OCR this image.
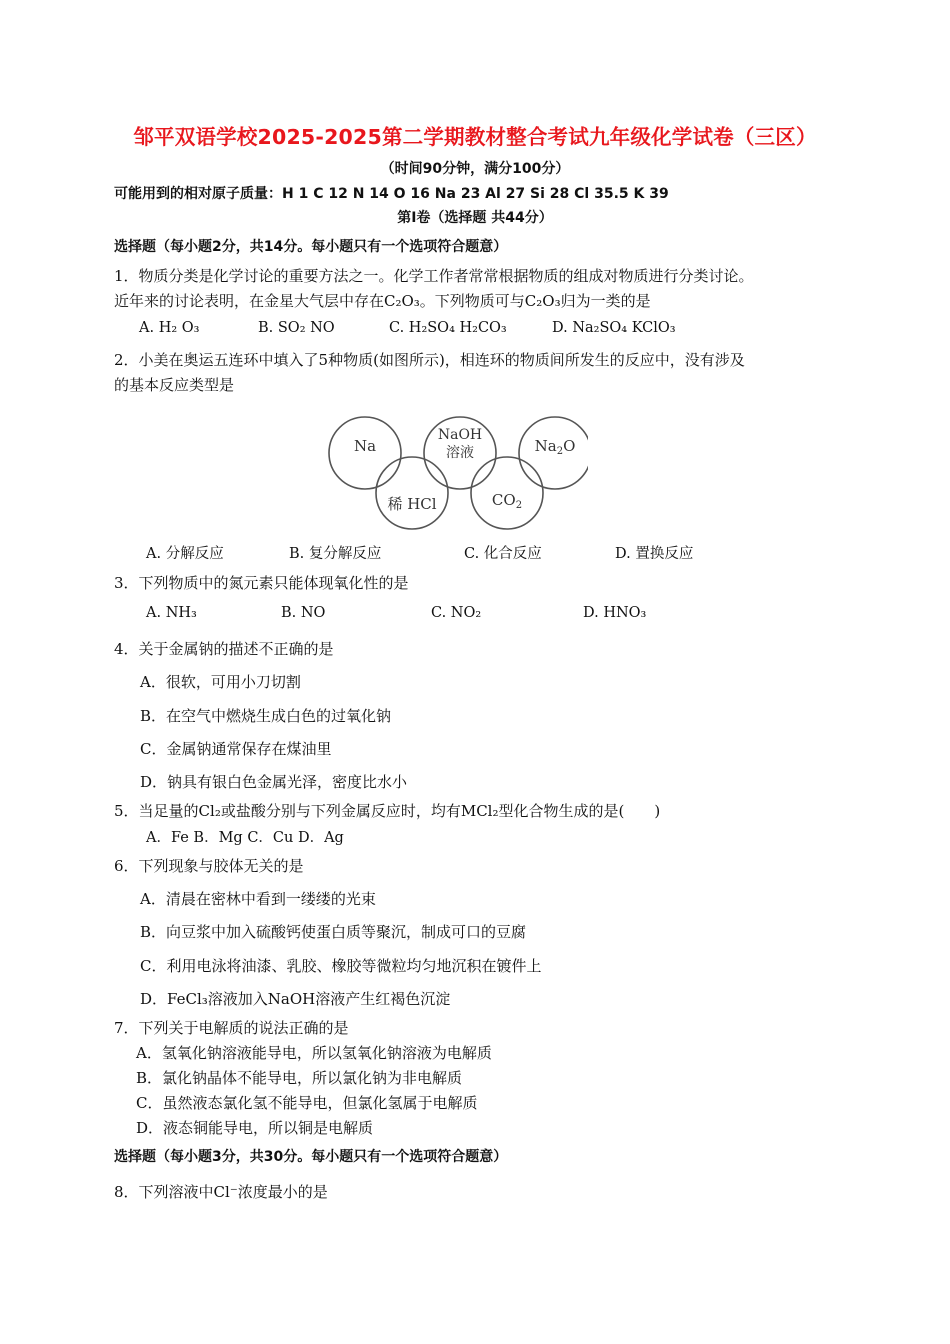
邹平双语学校2025-2025第二学期教材整合考试九年级化学试卷（三区）
（时间90分钟，满分100分）
可能用到的相对原子质量：H 1 C 12 N 14 O 16 Na 23 Al 27 Si 28 Cl 35.5 K 39
第Ⅰ卷（选择题 共44分）
选择题（每小题2分，共14分。每小题只有一个选项符合题意）
1．物质分类是化学讨论的重要方法之一。化学工作者常常根据物质的组成对物质进行分类讨论。
近年来的讨论表明，在金星大气层中存在C₂O₃。下列物质可与C₂O₃归为一类的是
A. H₂ O₃	B. SO₂ NO	C. H₂SO₄ H₂CO₃	D. Na₂SO₄ KClO₃
2．小美在奥运五连环中填入了5种物质(如图所示)，相连环的物质间所发生的反应中，没有涉及
的基本反应类型是
Na
NaOH
溶液	$Na_2O$
稀 HCl	$CO_2$
A. 分解反应	B. 复分解反应	C. 化合反应	D. 置换反应
3．下列物质中的氮元素只能体现氧化性的是
A. NH₃	B. NO	C. NO₂	D. HNO₃
4．关于金属钠的描述不正确的是
A．很软，可用小刀切割
B．在空气中燃烧生成白色的过氧化钠
C．金属钠通常保存在煤油里
D．钠具有银白色金属光泽，密度比水小
5．当足量的Cl₂或盐酸分别与下列金属反应时，均有MCl₂型化合物生成的是(　　)
A．Fe B．Mg C．Cu D．Ag
6．下列现象与胶体无关的是
A．清晨在密林中看到一缕缕的光束
B．向豆浆中加入硫酸钙使蛋白质等聚沉，制成可口的豆腐
C．利用电泳将油漆、乳胶、橡胶等微粒均匀地沉积在镀件上
D．FeCl₃溶液加入NaOH溶液产生红褐色沉淀
7．下列关于电解质的说法正确的是
A．氢氧化钠溶液能导电，所以氢氧化钠溶液为电解质
B．氯化钠晶体不能导电，所以氯化钠为非电解质
C．虽然液态氯化氢不能导电，但氯化氢属于电解质
D．液态铜能导电，所以铜是电解质
选择题（每小题3分，共30分。每小题只有一个选项符合题意）
8．下列溶液中Cl⁻浓度最小的是
